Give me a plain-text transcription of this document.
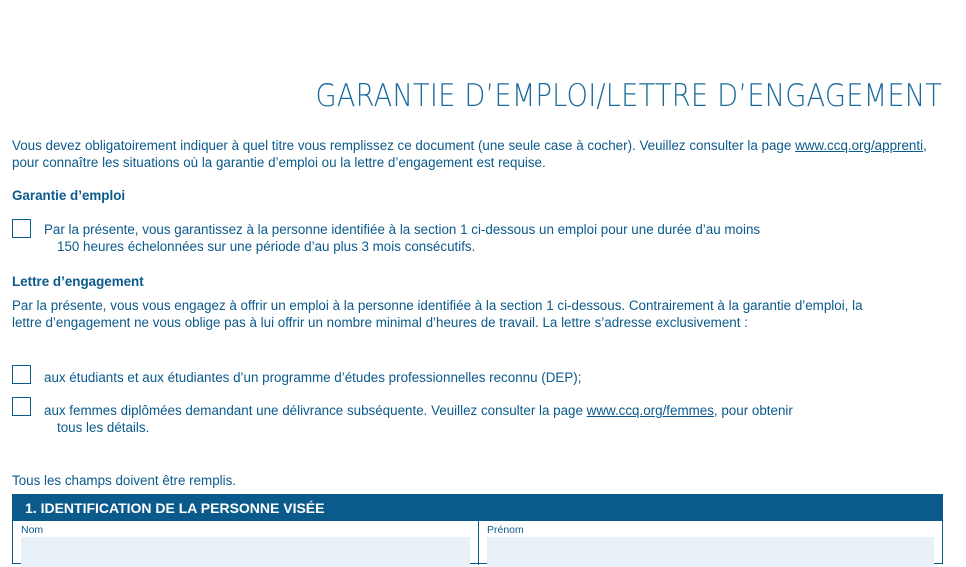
GARANTIE D’EMPLOI/LETTRE D’ENGAGEMENT
Vous devez obligatoirement indiquer à quel titre vous remplissez ce document (une seule case à cocher). Veuillez consulter la page www.ccq.org/apprenti, pour connaître les situations où la garantie d’emploi ou la lettre d’engagement est requise.
Garantie d’emploi
Par la présente, vous garantissez à la personne identifiée à la section 1 ci-dessous un emploi pour une durée d’au moins
150 heures échelonnées sur une période d’au plus 3 mois consécutifs.
Lettre d’engagement
Par la présente, vous vous engagez à offrir un emploi à la personne identifiée à la section 1 ci-dessous. Contrairement à la garantie d’emploi, la lettre d’engagement ne vous oblige pas à lui offrir un nombre minimal d’heures de travail. La lettre s’adresse exclusivement :
aux étudiants et aux étudiantes d’un programme d’études professionnelles reconnu (DEP);
aux femmes diplômées demandant une délivrance subséquente. Veuillez consulter la page www.ccq.org/femmes, pour obtenir
tous les détails.
Tous les champs doivent être remplis.
1. IDENTIFICATION DE LA PERSONNE VISÉE
Nom	Prénom
